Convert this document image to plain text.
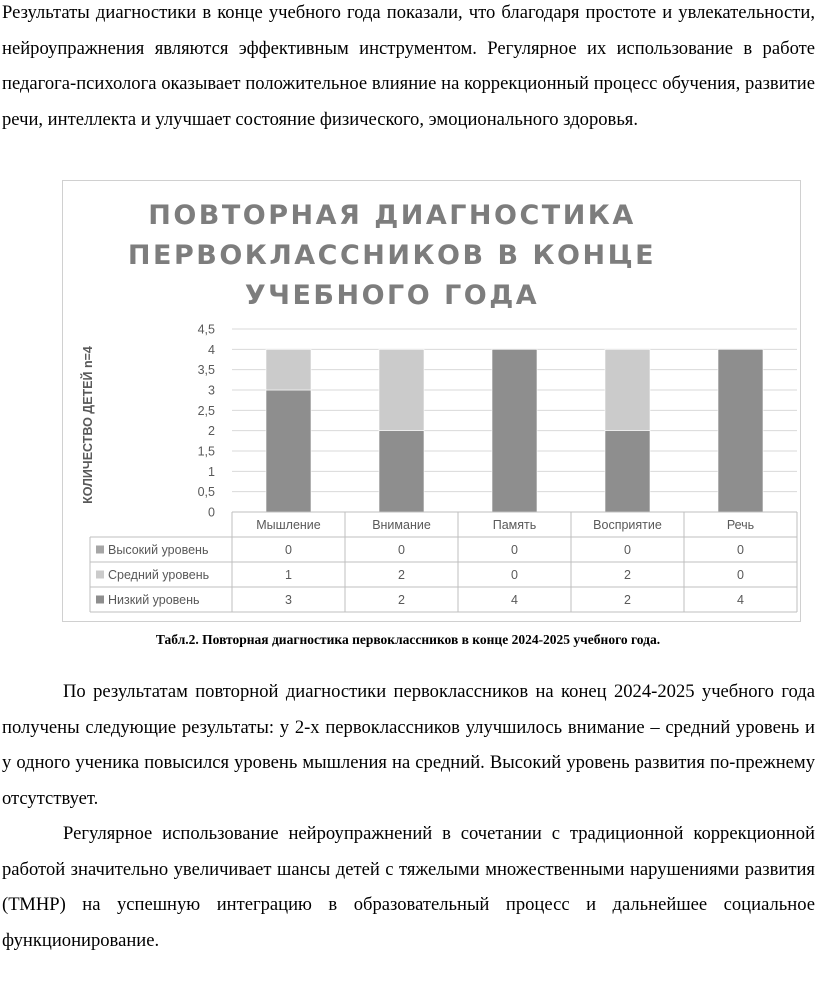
Результаты диагностики в конце учебного года показали, что благодаря простоте и увлекательности, нейроупражнения являются эффективным инструментом. Регулярное их использование в работе педагога-психолога оказывает положительное влияние на коррекционный процесс обучения, развитие речи, интеллекта и улучшает состояние физического, эмоционального здоровья.

ПОВТОРНАЯ ДИАГНОСТИКА ПЕРВОКЛАССНИКОВ В КОНЦЕ УЧЕБНОГО ГОДА
КОЛИЧЕСТВО ДЕТЕЙ n=4
0
0,5
1
1,5
2
2,5
3
3,5
4
4,5
Мышление	Внимание	Память	Восприятие	Речь
Высокий уровень	0	0	0	0	0
Средний уровень	1	2	0	2	0
Низкий уровень	3	2	4	2	4
Табл.2. Повторная диагностика первоклассников в конце 2024-2025 учебного года.

По результатам повторной диагностики первоклассников на конец 2024-2025 учебного года получены следующие результаты: у 2-х первоклассников улучшилось внимание – средний уровень и у одного ученика повысился уровень мышления на средний. Высокий уровень развития по-прежнему отсутствует.

Регулярное использование нейроупражнений в сочетании с традиционной коррекционной работой значительно увеличивает шансы детей с тяжелыми множественными нарушениями развития (ТМНР) на успешную интеграцию в образовательный процесс и дальнейшее социальное функционирование.
